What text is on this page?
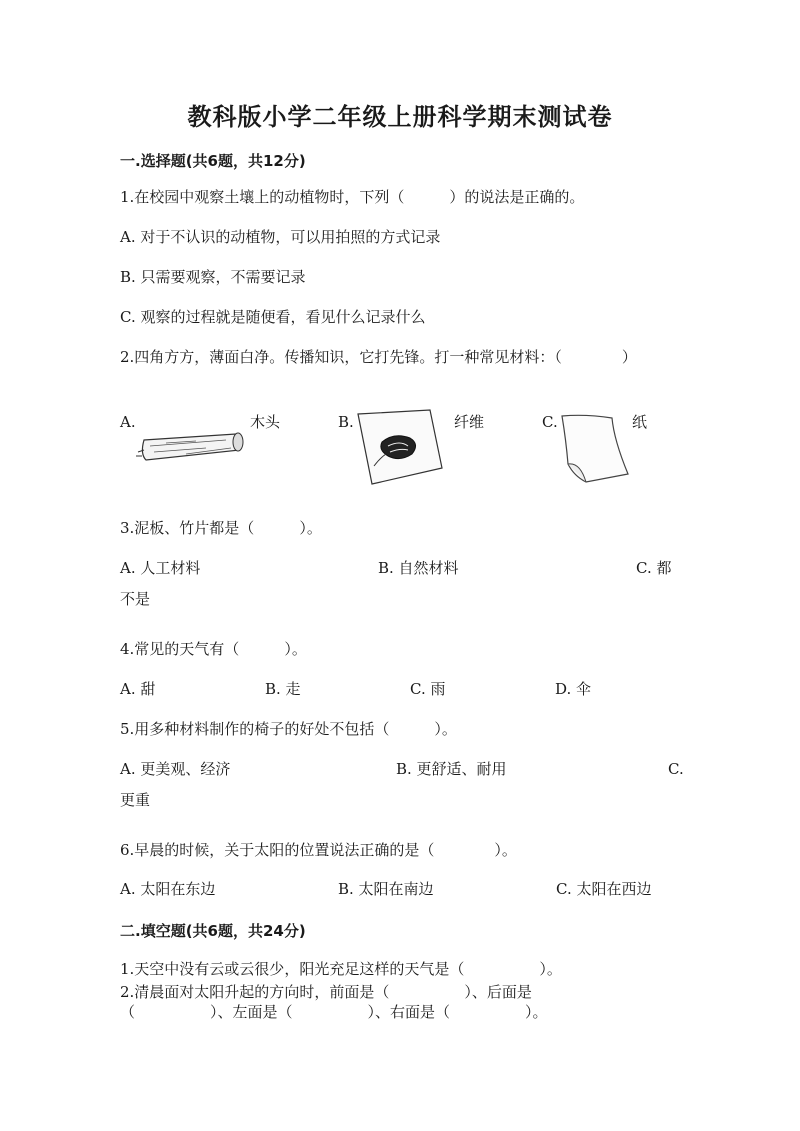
教科版小学二年级上册科学期末测试卷
一.选择题(共6题，共12分)
1.在校园中观察土壤上的动植物时，下列（　　　）的说法是正确的。
A. 对于不认识的动植物，可以用拍照的方式记录
B. 只需要观察，不需要记录
C. 观察的过程就是随便看，看见什么记录什么
2.四角方方，薄面白净。传播知识，它打先锋。打一种常见材料：（　　　　）
A.	木头	B.	纤维	C.	纸
3.泥板、竹片都是（　　　）。
A. 人工材料	B. 自然材料	C. 都
不是
4.常见的天气有（　　　）。
A. 甜	B. 走	C. 雨	D. 伞
5.用多种材料制作的椅子的好处不包括（　　　）。
A. 更美观、经济	B. 更舒适、耐用	C.
更重
6.早晨的时候，关于太阳的位置说法正确的是（　　　　）。
A. 太阳在东边	B. 太阳在南边	C. 太阳在西边
二.填空题(共6题，共24分)
1.天空中没有云或云很少，阳光充足这样的天气是（　　　　　）。
2.清晨面对太阳升起的方向时，前面是（　　　　　）、后面是
（　　　　　）、左面是（　　　　　）、右面是（　　　　　）。
